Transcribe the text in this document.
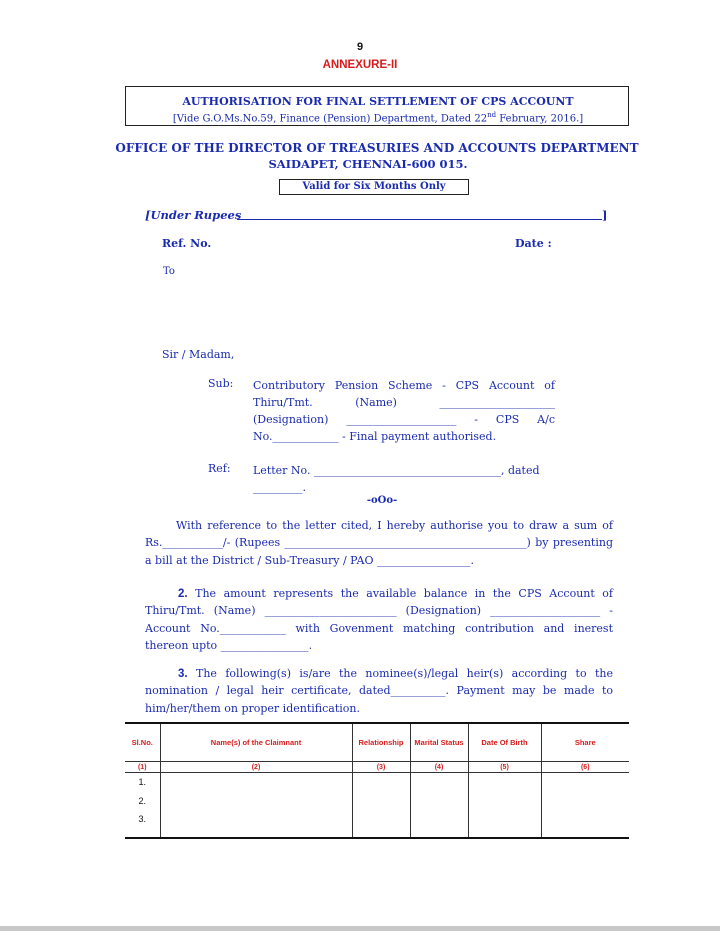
9
ANNEXURE-II
AUTHORISATION FOR FINAL SETTLEMENT OF CPS ACCOUNT
[Vide G.O.Ms.No.59, Finance (Pension) Department, Dated 22nd February, 2016.]
OFFICE OF THE DIRECTOR OF TREASURIES AND ACCOUNTS DEPARTMENT
SAIDAPET, CHENNAI-600 015.
Valid for Six Months Only
[Under Rupees	]
Ref. No.	Date :
To
Sir / Madam,
Sub: Contributory Pension Scheme - CPS Account of Thiru/Tmt. (Name) _____________________ (Designation) ____________________ - CPS A/c No.____________ - Final payment authorised.
Ref: Letter No. __________________________________, dated _________.
-oOo-
With reference to the letter cited, I hereby authorise you to draw a sum of Rs.___________/- (Rupees ____________________________________________) by presenting a bill at the District / Sub-Treasury / PAO _________________.
2. The amount represents the available balance in the CPS Account of Thiru/Tmt. (Name) ________________________ (Designation) ____________________ - Account No.____________ with Govenment matching contribution and inerest thereon upto ________________.
3. The following(s) is/are the nominee(s)/legal heir(s) according to the nomination / legal heir certificate, dated__________. Payment may be made to him/her/them on proper identification.
Sl.No.	Name(s) of the Claimnant	Relationship	Marital Status	Date Of Birth	Share
(1)	(2)	(3)	(4)	(5)	(6)

1.
2.
3.					
